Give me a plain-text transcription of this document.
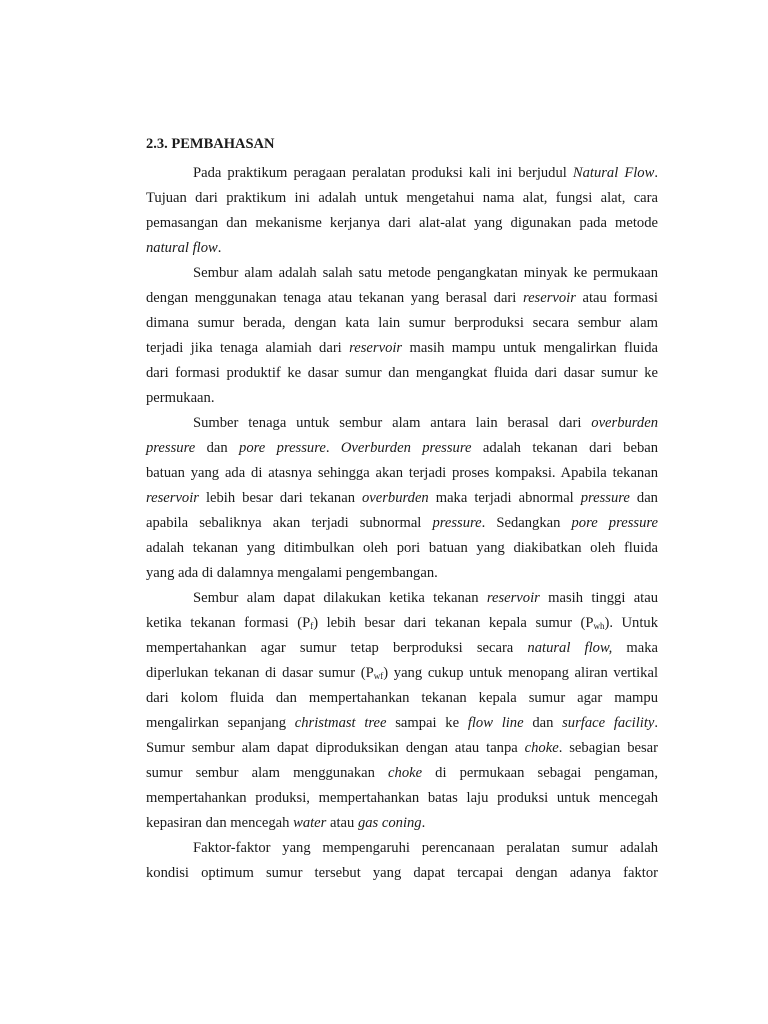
2.3. PEMBAHASAN
Pada praktikum peragaan peralatan produksi kali ini berjudul Natural Flow.
Tujuan dari praktikum ini adalah untuk mengetahui nama alat, fungsi alat, cara
pemasangan dan mekanisme kerjanya dari alat-alat yang digunakan pada metode
natural flow.
Sembur alam adalah salah satu metode pengangkatan minyak ke permukaan
dengan menggunakan tenaga atau tekanan yang berasal dari reservoir atau formasi
dimana sumur berada, dengan kata lain sumur berproduksi secara sembur alam
terjadi jika tenaga alamiah dari reservoir masih mampu untuk mengalirkan fluida
dari formasi produktif ke dasar sumur dan mengangkat fluida dari dasar sumur ke
permukaan.
Sumber tenaga untuk sembur alam antara lain berasal dari overburden
pressure dan pore pressure. Overburden pressure adalah tekanan dari beban
batuan yang ada di atasnya sehingga akan terjadi proses kompaksi. Apabila tekanan
reservoir lebih besar dari tekanan overburden maka terjadi abnormal pressure dan
apabila sebaliknya akan terjadi subnormal pressure. Sedangkan pore pressure
adalah tekanan yang ditimbulkan oleh pori batuan yang diakibatkan oleh fluida
yang ada di dalamnya mengalami pengembangan.
Sembur alam dapat dilakukan ketika tekanan reservoir masih tinggi atau
ketika tekanan formasi $(P_f)$ lebih besar dari tekanan kepala sumur $(P_{wh})$. Untuk
mempertahankan agar sumur tetap berproduksi secara natural flow, maka
diperlukan tekanan di dasar sumur $(P_{wf})$ yang cukup untuk menopang aliran vertikal
dari kolom fluida dan mempertahankan tekanan kepala sumur agar mampu
mengalirkan sepanjang christmast tree sampai ke flow line dan surface facility.
Sumur sembur alam dapat diproduksikan dengan atau tanpa choke. sebagian besar
sumur sembur alam menggunakan choke di permukaan sebagai pengaman,
mempertahankan produksi, mempertahankan batas laju produksi untuk mencegah
kepasiran dan mencegah water atau gas coning.
Faktor-faktor yang mempengaruhi perencanaan peralatan sumur adalah
kondisi optimum sumur tersebut yang dapat tercapai dengan adanya faktor
